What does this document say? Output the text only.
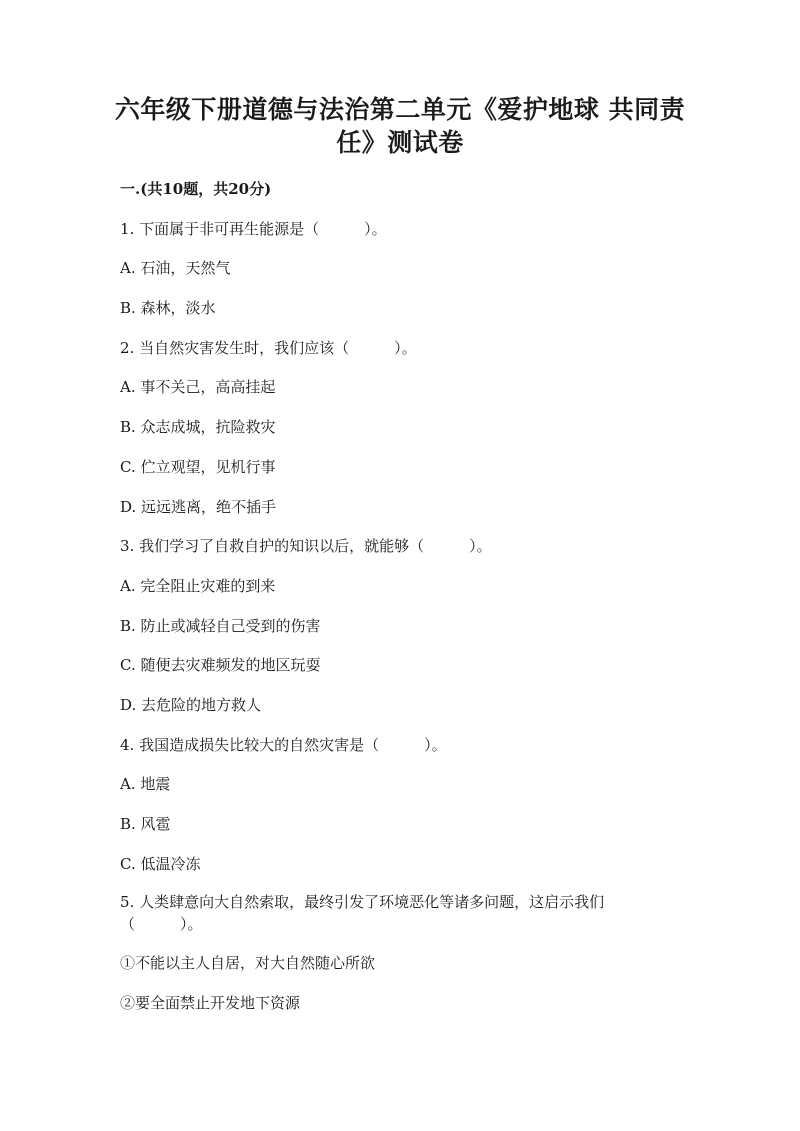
六年级下册道德与法治第二单元《爱护地球 共同责任》测试卷
一.(共10题，共20分)
1. 下面属于非可再生能源是（　　　）。
A. 石油，天然气
B. 森林，淡水
2. 当自然灾害发生时，我们应该（　　　）。
A. 事不关己，高高挂起
B. 众志成城，抗险救灾
C. 伫立观望，见机行事
D. 远远逃离，绝不插手
3. 我们学习了自救自护的知识以后，就能够（　　　）。
A. 完全阻止灾难的到来
B. 防止或减轻自己受到的伤害
C. 随便去灾难频发的地区玩耍
D. 去危险的地方救人
4. 我国造成损失比较大的自然灾害是（　　　）。
A. 地震
B. 风雹
C. 低温冷冻
5. 人类肆意向大自然索取，最终引发了环境恶化等诸多问题，这启示我们（　　　）。
①不能以主人自居，对大自然随心所欲
②要全面禁止开发地下资源
